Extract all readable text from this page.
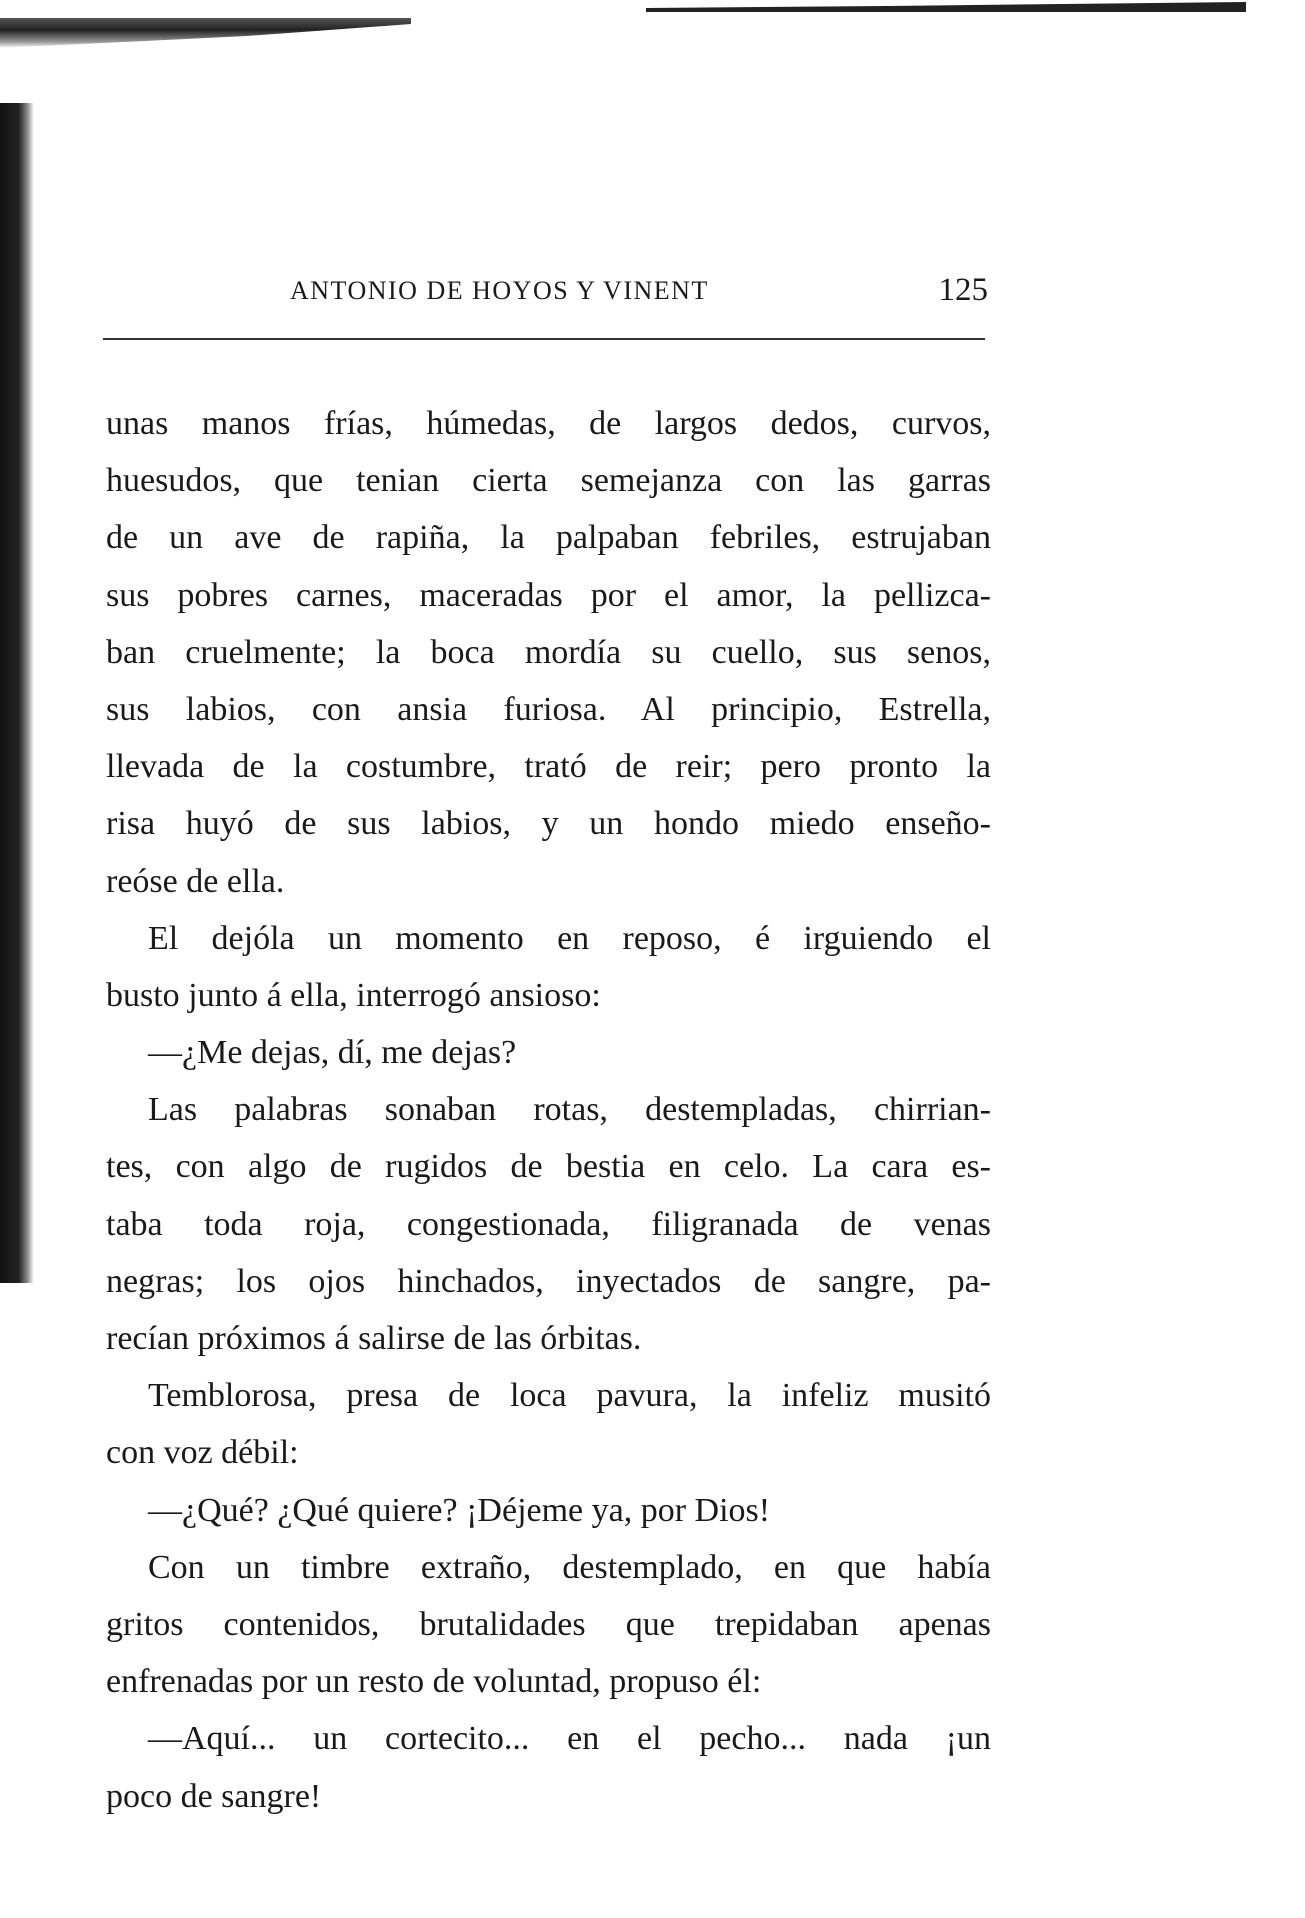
ANTONIO DE HOYOS Y VINENT	125
unas manos frías, húmedas, de largos dedos, curvos,
huesudos, que tenian cierta semejanza con las garras
de un ave de rapiña, la palpaban febriles, estrujaban
sus pobres carnes, maceradas por el amor, la pellizca-
ban cruelmente; la boca mordía su cuello, sus senos,
sus labios, con ansia furiosa. Al principio, Estrella,
llevada de la costumbre, trató de reir; pero pronto la
risa huyó de sus labios, y un hondo miedo enseño-
reóse de ella.
El dejóla un momento en reposo, é irguiendo el
busto junto á ella, interrogó ansioso:
—¿Me dejas, dí, me dejas?
Las palabras sonaban rotas, destempladas, chirrian-
tes, con algo de rugidos de bestia en celo. La cara es-
taba toda roja, congestionada, filigranada de venas
negras; los ojos hinchados, inyectados de sangre, pa-
recían próximos á salirse de las órbitas.
Temblorosa, presa de loca pavura, la infeliz musitó
con voz débil:
—¿Qué? ¿Qué quiere? ¡Déjeme ya, por Dios!
Con un timbre extraño, destemplado, en que había
gritos contenidos, brutalidades que trepidaban apenas
enfrenadas por un resto de voluntad, propuso él:
—Aquí... un cortecito... en el pecho... nada ¡un
poco de sangre!
